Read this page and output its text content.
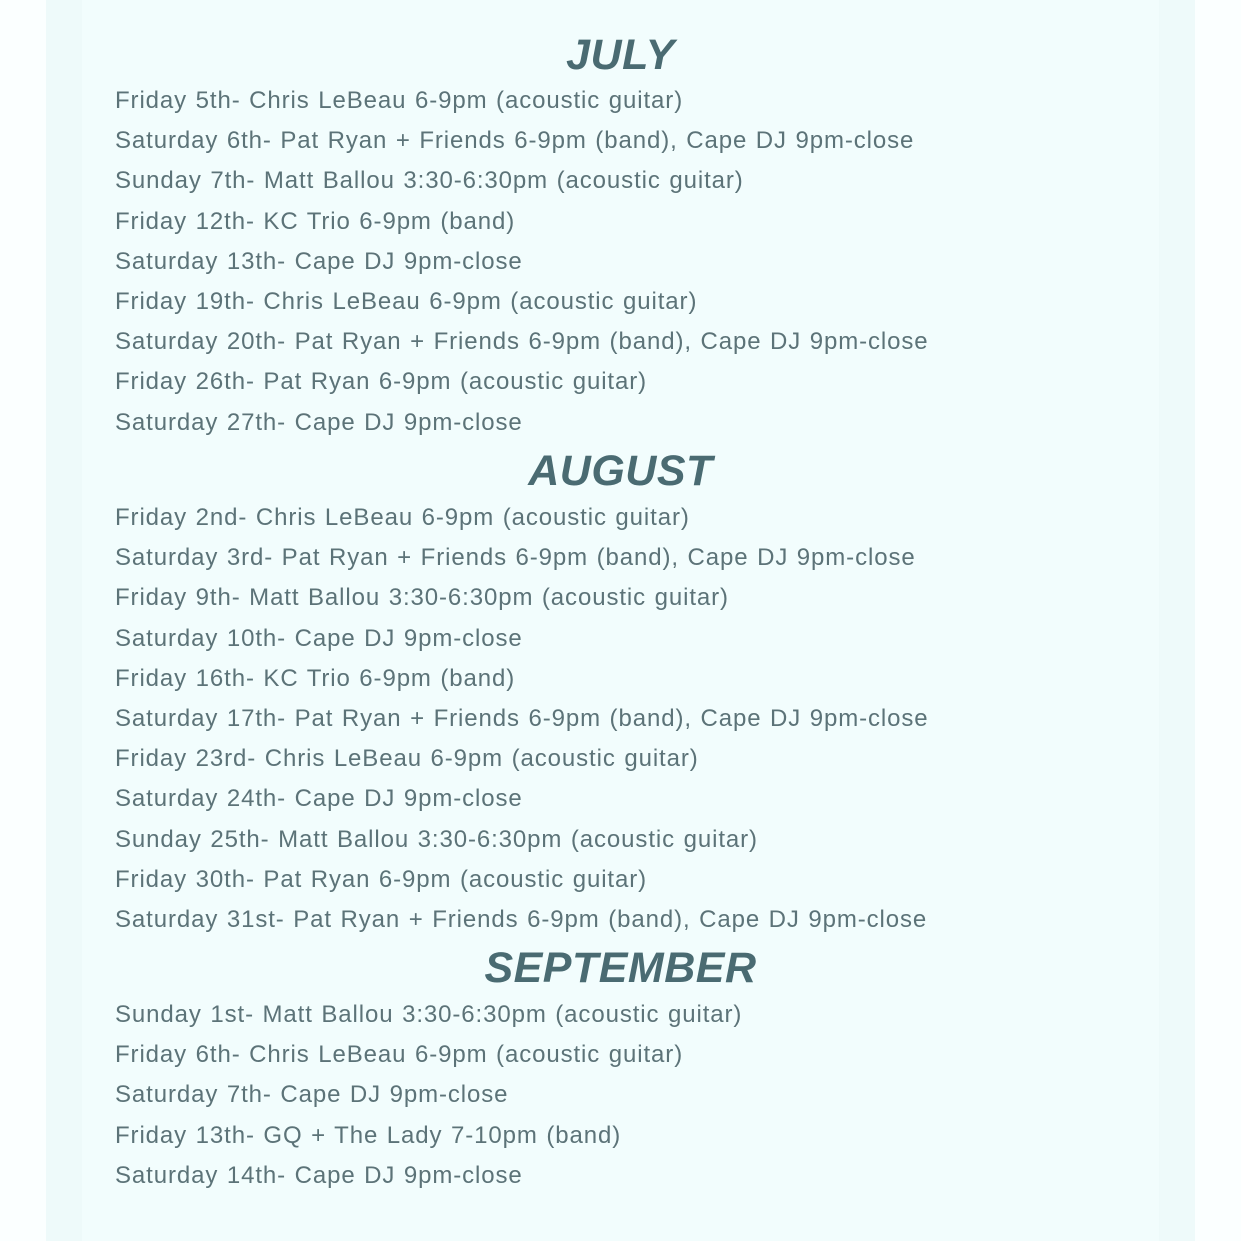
JULY
Friday 5th- Chris LeBeau 6-9pm (acoustic guitar)
Saturday 6th- Pat Ryan + Friends 6-9pm (band), Cape DJ 9pm-close
Sunday 7th- Matt Ballou 3:30-6:30pm (acoustic guitar)
Friday 12th- KC Trio 6-9pm (band)
Saturday 13th- Cape DJ 9pm-close
Friday 19th- Chris LeBeau 6-9pm (acoustic guitar)
Saturday 20th- Pat Ryan + Friends 6-9pm (band), Cape DJ 9pm-close
Friday 26th- Pat Ryan 6-9pm (acoustic guitar)
Saturday 27th- Cape DJ 9pm-close
AUGUST
Friday 2nd- Chris LeBeau 6-9pm (acoustic guitar)
Saturday 3rd- Pat Ryan + Friends 6-9pm (band), Cape DJ 9pm-close
Friday 9th- Matt Ballou 3:30-6:30pm (acoustic guitar)
Saturday 10th- Cape DJ 9pm-close
Friday 16th- KC Trio 6-9pm (band)
Saturday 17th- Pat Ryan + Friends 6-9pm (band), Cape DJ 9pm-close
Friday 23rd- Chris LeBeau 6-9pm (acoustic guitar)
Saturday 24th- Cape DJ 9pm-close
Sunday 25th- Matt Ballou 3:30-6:30pm (acoustic guitar)
Friday 30th- Pat Ryan 6-9pm (acoustic guitar)
Saturday 31st- Pat Ryan + Friends 6-9pm (band), Cape DJ 9pm-close
SEPTEMBER
Sunday 1st- Matt Ballou 3:30-6:30pm (acoustic guitar)
Friday 6th- Chris LeBeau 6-9pm (acoustic guitar)
Saturday 7th- Cape DJ 9pm-close
Friday 13th- GQ + The Lady 7-10pm (band)
Saturday 14th- Cape DJ 9pm-close
